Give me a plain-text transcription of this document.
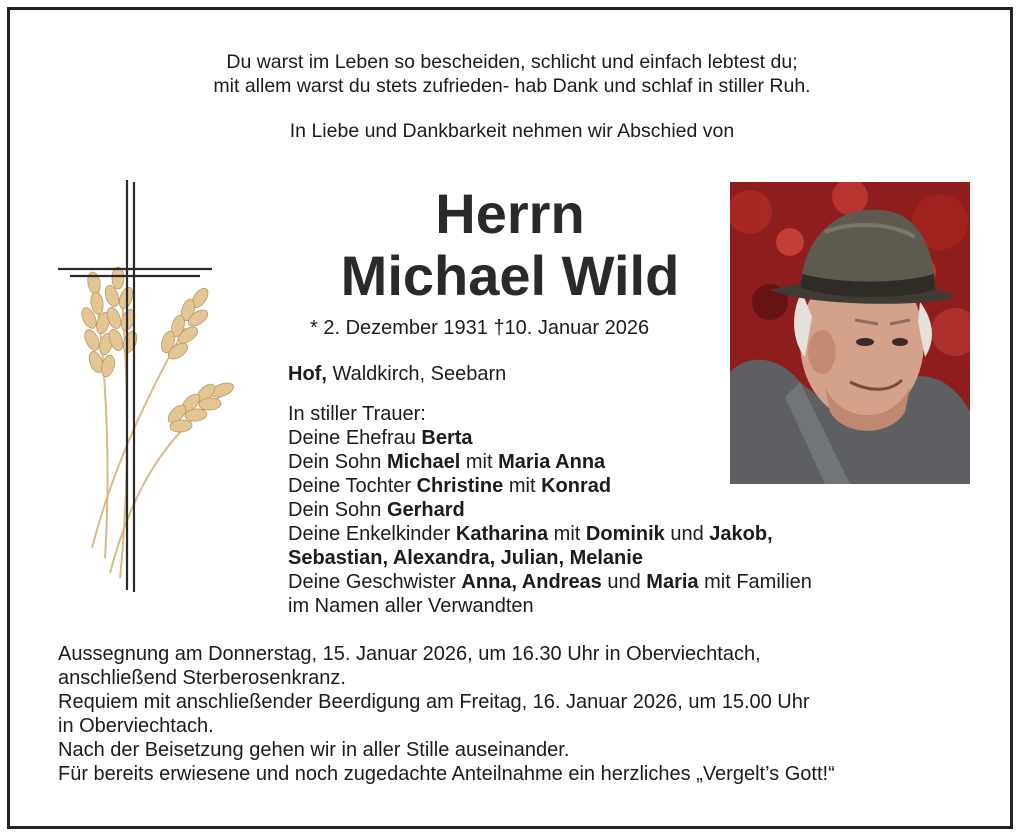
Du warst im Leben so bescheiden, schlicht und einfach lebtest du;
mit allem warst du stets zufrieden- hab Dank und schlaf in stiller Ruh.
In Liebe und Dankbarkeit nehmen wir Abschied von
Herrn
Michael Wild
* 2. Dezember 1931 †10. Januar 2026
Hof, Waldkirch, Seebarn
In stiller Trauer:
Deine Ehefrau Berta
Dein Sohn Michael mit Maria Anna
Deine Tochter Christine mit Konrad
Dein Sohn Gerhard
Deine Enkelkinder Katharina mit Dominik und Jakob,
Sebastian, Alexandra, Julian, Melanie
Deine Geschwister Anna, Andreas und Maria mit Familien
im Namen aller Verwandten
Aussegnung am Donnerstag, 15. Januar 2026, um 16.30 Uhr in Oberviechtach,
anschließend Sterberosenkranz.
Requiem mit anschließender Beerdigung am Freitag, 16. Januar 2026, um 15.00 Uhr
in Oberviechtach.
Nach der Beisetzung gehen wir in aller Stille auseinander.
Für bereits erwiesene und noch zugedachte Anteilnahme ein herzliches „Vergelt’s Gott!“
